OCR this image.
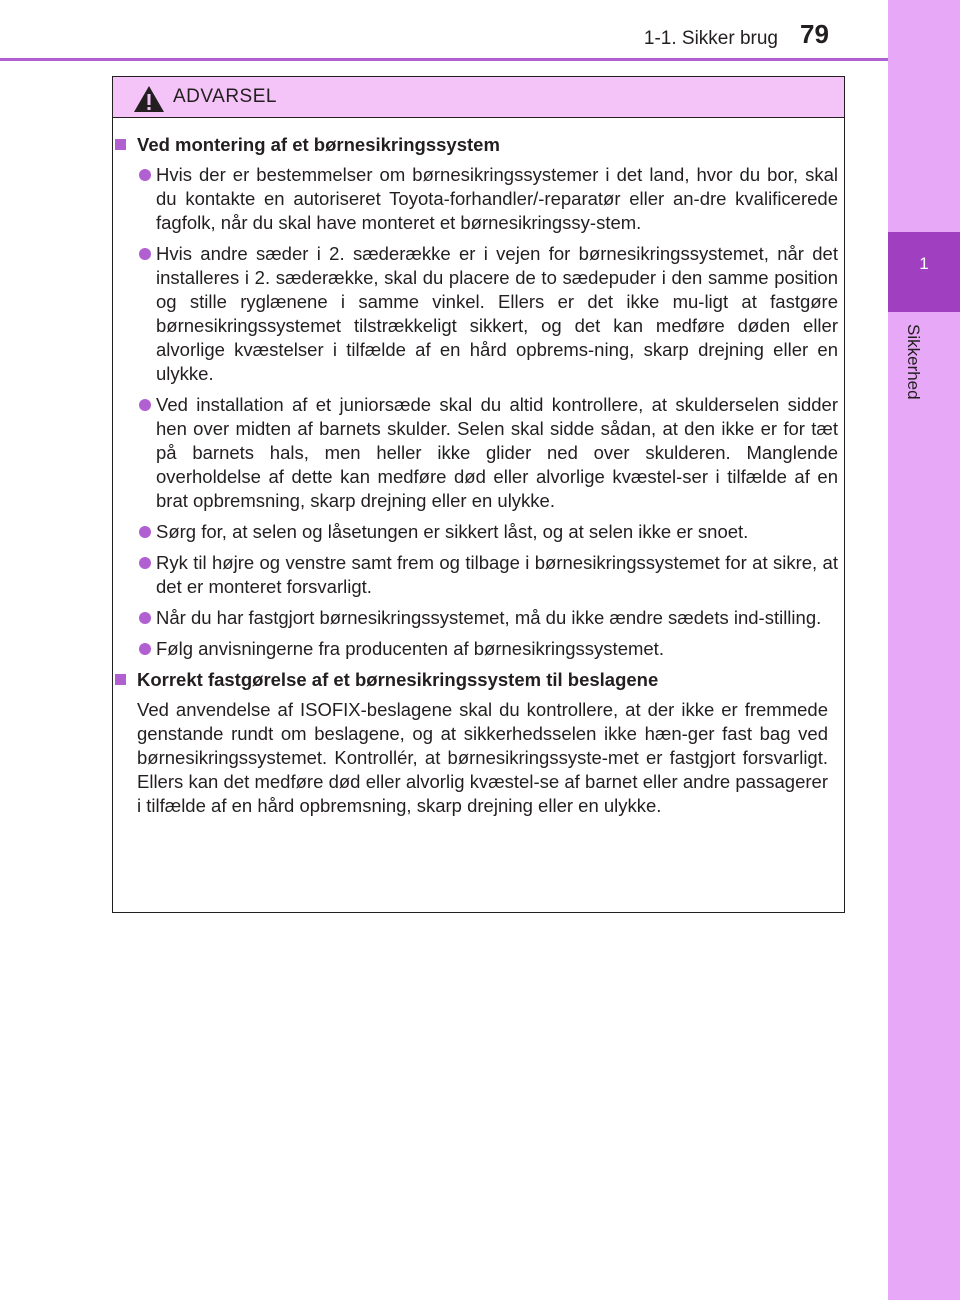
1-1. Sikker brug 79
1
Sikkerhed
ADVARSEL
Ved montering af et børnesikringssystem
Hvis der er bestemmelser om børnesikringssystemer i det land, hvor du bor, skal du kontakte en autoriseret Toyota-forhandler/-reparatør eller an-dre kvalificerede fagfolk, når du skal have monteret et børnesikringssy-stem.
Hvis andre sæder i 2. sæderække er i vejen for børnesikringssystemet, når det installeres i 2. sæderække, skal du placere de to sædepuder i den samme position og stille ryglænene i samme vinkel. Ellers er det ikke mu-ligt at fastgøre børnesikringssystemet tilstrækkeligt sikkert, og det kan medføre døden eller alvorlige kvæstelser i tilfælde af en hård opbrems-ning, skarp drejning eller en ulykke.
Ved installation af et juniorsæde skal du altid kontrollere, at skulderselen sidder hen over midten af barnets skulder. Selen skal sidde sådan, at den ikke er for tæt på barnets hals, men heller ikke glider ned over skulderen. Manglende overholdelse af dette kan medføre død eller alvorlige kvæstel-ser i tilfælde af en brat opbremsning, skarp drejning eller en ulykke.
Sørg for, at selen og låsetungen er sikkert låst, og at selen ikke er snoet.
Ryk til højre og venstre samt frem og tilbage i børnesikringssystemet for at sikre, at det er monteret forsvarligt.
Når du har fastgjort børnesikringssystemet, må du ikke ændre sædets ind-stilling.
Følg anvisningerne fra producenten af børnesikringssystemet.
Korrekt fastgørelse af et børnesikringssystem til beslagene
Ved anvendelse af ISOFIX-beslagene skal du kontrollere, at der ikke er fremmede genstande rundt om beslagene, og at sikkerhedsselen ikke hæn-ger fast bag ved børnesikringssystemet. Kontrollér, at børnesikringssyste-met er fastgjort forsvarligt. Ellers kan det medføre død eller alvorlig kvæstel-se af barnet eller andre passagerer i tilfælde af en hård opbremsning, skarp drejning eller en ulykke.
